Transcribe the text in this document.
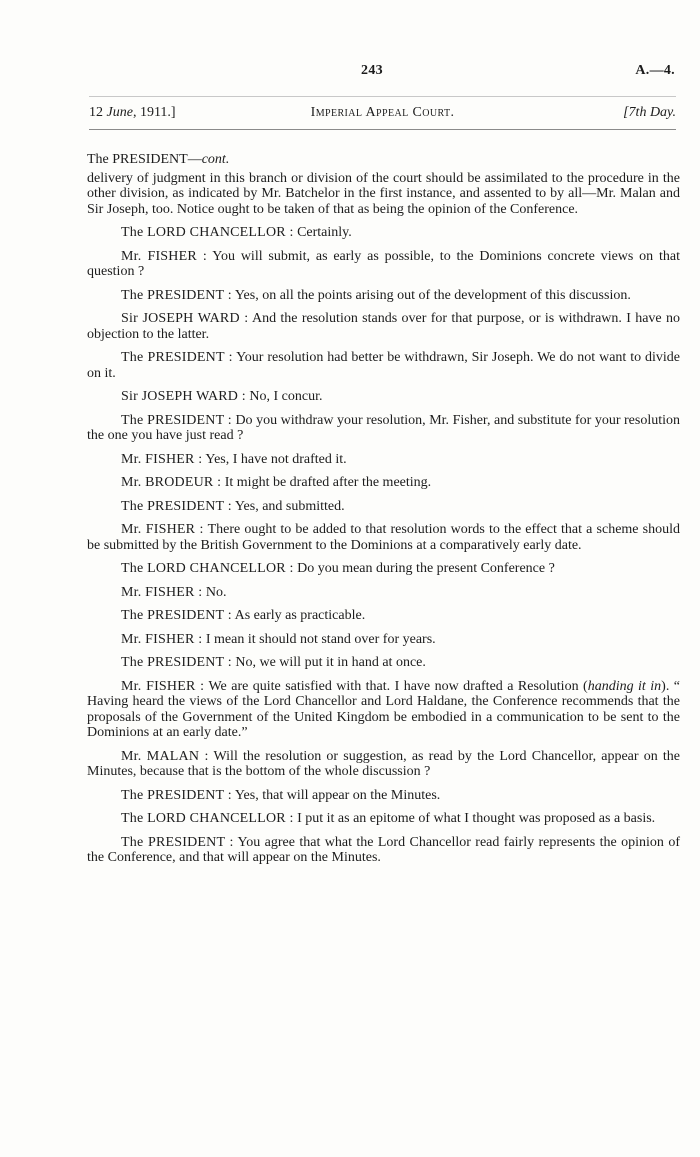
243	A.—4.
12 June, 1911.]	Imperial Appeal Court.	[7th Day.
The PRESIDENT—cont.

delivery of judgment in this branch or division of the court should be assimilated to the procedure in the other division, as indicated by Mr. Batchelor in the first instance, and assented to by all—Mr. Malan and Sir Joseph, too. Notice ought to be taken of that as being the opinion of the Conference.

The LORD CHANCELLOR : Certainly.

Mr. FISHER : You will submit, as early as possible, to the Dominions concrete views on that question ?

The PRESIDENT : Yes, on all the points arising out of the development of this discussion.

Sir JOSEPH WARD : And the resolution stands over for that purpose, or is withdrawn. I have no objection to the latter.

The PRESIDENT : Your resolution had better be withdrawn, Sir Joseph. We do not want to divide on it.

Sir JOSEPH WARD : No, I concur.

The PRESIDENT : Do you withdraw your resolution, Mr. Fisher, and substitute for your resolution the one you have just read ?

Mr. FISHER : Yes, I have not drafted it.

Mr. BRODEUR : It might be drafted after the meeting.

The PRESIDENT : Yes, and submitted.

Mr. FISHER : There ought to be added to that resolution words to the effect that a scheme should be submitted by the British Government to the Dominions at a comparatively early date.

The LORD CHANCELLOR : Do you mean during the present Conference ?

Mr. FISHER : No.

The PRESIDENT : As early as practicable.

Mr. FISHER : I mean it should not stand over for years.

The PRESIDENT : No, we will put it in hand at once.

Mr. FISHER : We are quite satisfied with that. I have now drafted a Resolution (handing it in). “ Having heard the views of the Lord Chancellor and Lord Haldane, the Conference recommends that the proposals of the Government of the United Kingdom be embodied in a communication to be sent to the Dominions at an early date.”

Mr. MALAN : Will the resolution or suggestion, as read by the Lord Chancellor, appear on the Minutes, because that is the bottom of the whole discussion ?

The PRESIDENT : Yes, that will appear on the Minutes.

The LORD CHANCELLOR : I put it as an epitome of what I thought was proposed as a basis.

The PRESIDENT : You agree that what the Lord Chancellor read fairly represents the opinion of the Conference, and that will appear on the Minutes.
